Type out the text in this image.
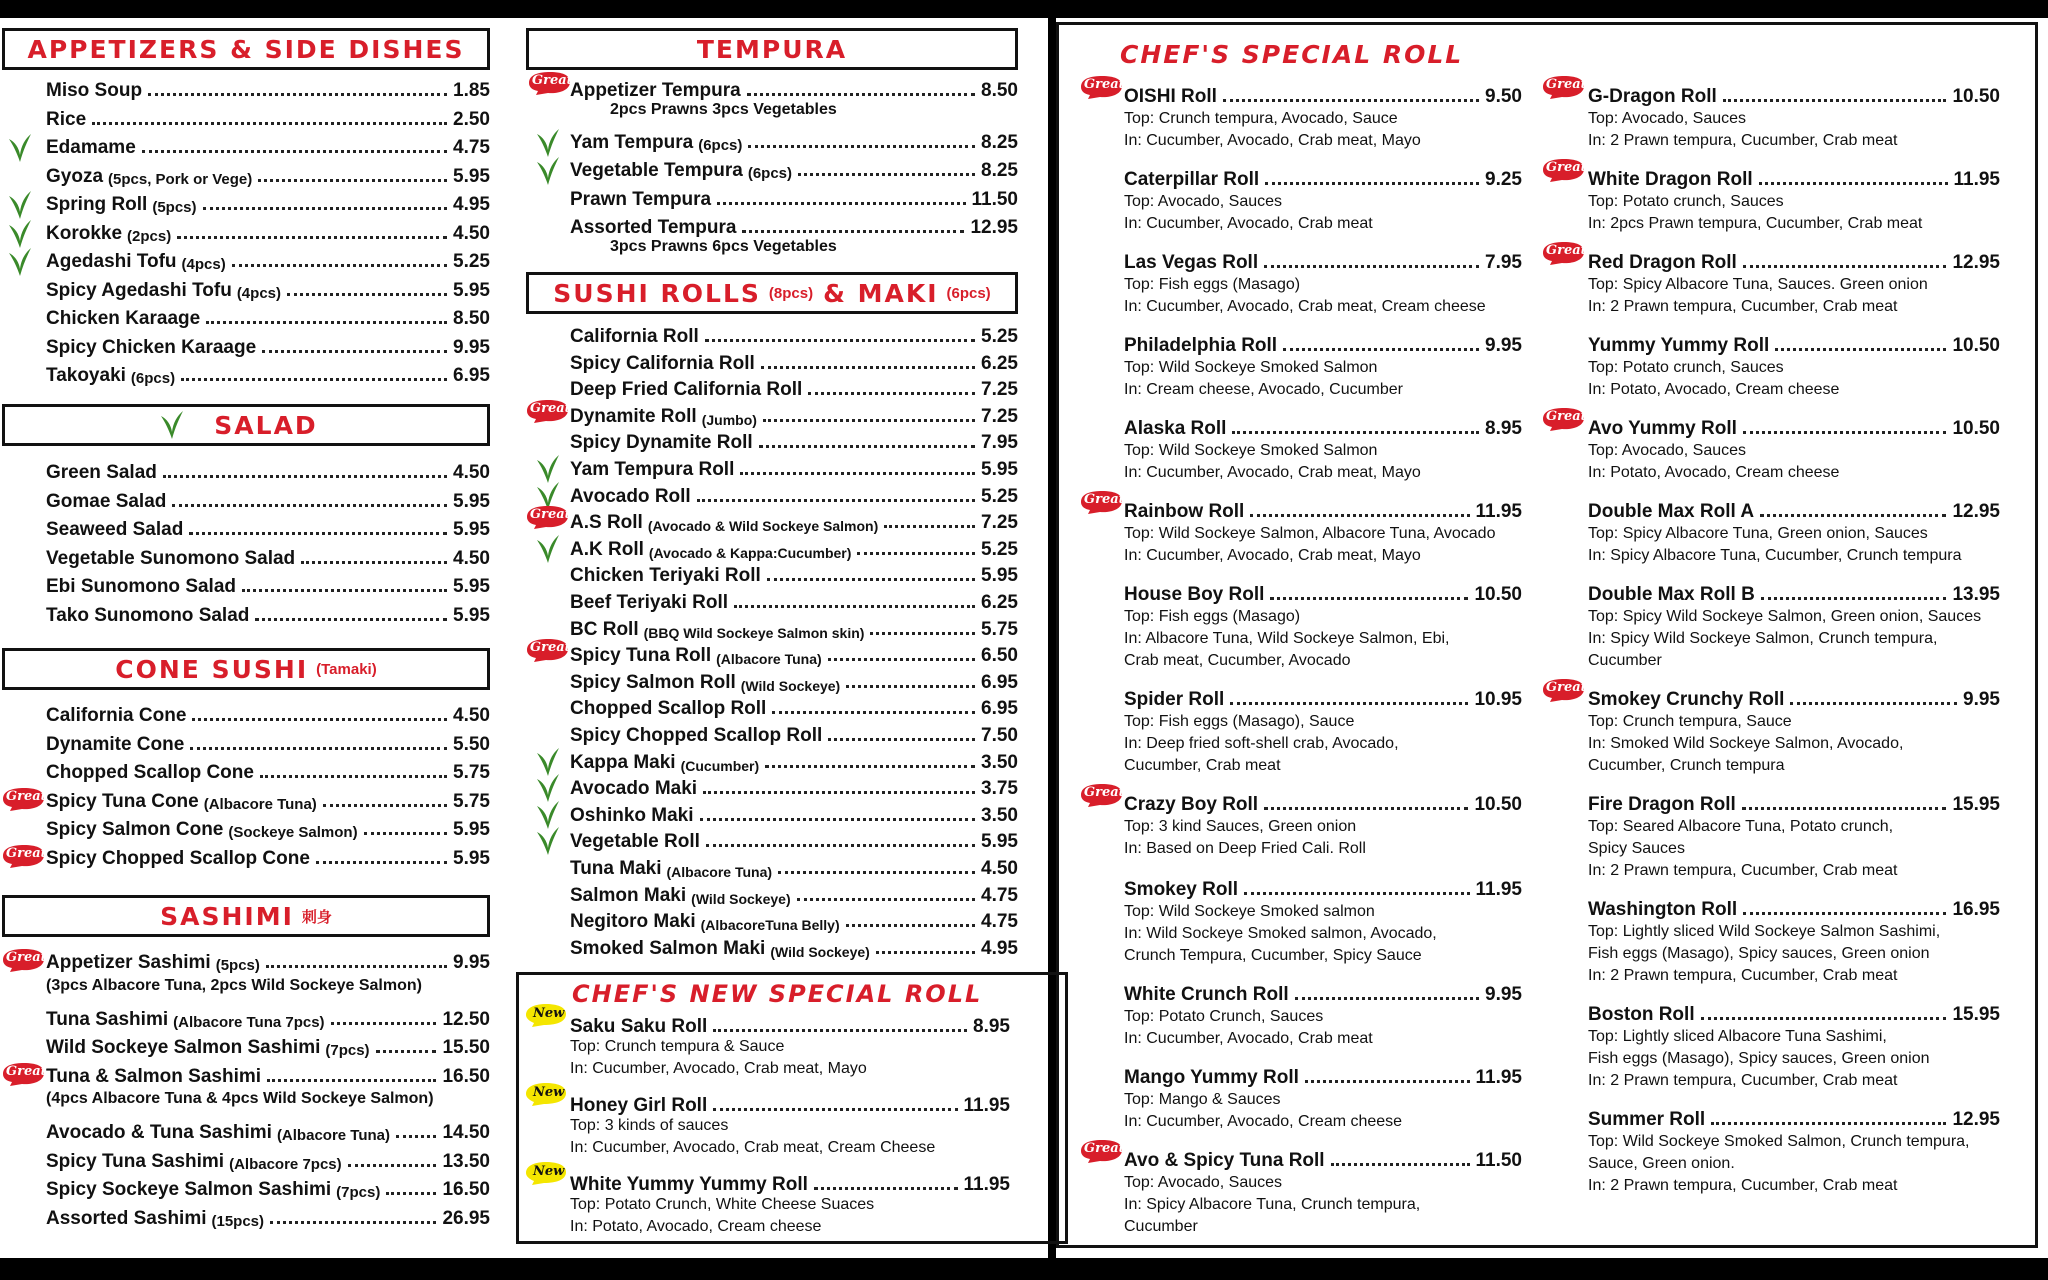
APPETIZERS & SIDE DISHES
Miso Soup	1.85
Rice	2.50
Edamame	4.75
Gyoza (5pcs, Pork or Vege)	5.95
Spring Roll (5pcs)	4.95
Korokke (2pcs)	4.50
Agedashi Tofu (4pcs)	5.25
Spicy Agedashi Tofu (4pcs)	5.95
Chicken Karaage	8.50
Spicy Chicken Karaage	9.95
Takoyaki (6pcs)	6.95
SALAD
Green Salad	4.50
Gomae Salad	5.95
Seaweed Salad	5.95
Vegetable Sunomono Salad	4.50
Ebi Sunomono Salad	5.95
Tako Sunomono Salad	5.95
CONE SUSHI (Tamaki)
California Cone	4.50
Dynamite Cone	5.50
Chopped Scallop Cone	5.75
Spicy Tuna Cone (Albacore Tuna)	5.75
Great
Spicy Salmon Cone (Sockeye Salmon)	5.95
Spicy Chopped Scallop Cone	5.95
Great
SASHIMI 刺身
Appetizer Sashimi (5pcs)	9.95
Great
(3pcs Albacore Tuna, 2pcs Wild Sockeye Salmon)
Tuna Sashimi (Albacore Tuna 7pcs)	12.50
Wild Sockeye Salmon Sashimi (7pcs)	15.50
Tuna & Salmon Sashimi	16.50
Great
(4pcs Albacore Tuna & 4pcs Wild Sockeye Salmon)
Avocado & Tuna Sashimi (Albacore Tuna)	14.50
Spicy Tuna Sashimi (Albacore 7pcs)	13.50
Spicy Sockeye Salmon Sashimi (7pcs)	16.50
Assorted Sashimi (15pcs)	26.95
TEMPURA
Appetizer Tempura	8.50
Great
2pcs Prawns 3pcs Vegetables
Yam Tempura (6pcs)	8.25
Vegetable Tempura (6pcs)	8.25
Prawn Tempura	11.50
Assorted Tempura	12.95
3pcs Prawns 6pcs Vegetables
SUSHI ROLLS (8pcs) & MAKI (6pcs)
California Roll	5.25
Spicy California Roll	6.25
Deep Fried California Roll	7.25
Dynamite Roll (Jumbo)	7.25
Great
Spicy Dynamite Roll	7.95
Yam Tempura Roll	5.95
Avocado Roll	5.25
A.S Roll (Avocado & Wild Sockeye Salmon)	7.25
Great
A.K Roll (Avocado & Kappa:Cucumber)	5.25
Chicken Teriyaki Roll	5.95
Beef Teriyaki Roll	6.25
BC Roll (BBQ Wild Sockeye Salmon skin)	5.75
Spicy Tuna Roll (Albacore Tuna)	6.50
Great
Spicy Salmon Roll (Wild Sockeye)	6.95
Chopped Scallop Roll	6.95
Spicy Chopped Scallop Roll	7.50
Kappa Maki (Cucumber)	3.50
Avocado Maki	3.75
Oshinko Maki	3.50
Vegetable Roll	5.95
Tuna Maki (Albacore Tuna)	4.50
Salmon Maki (Wild Sockeye)	4.75
Negitoro Maki (AlbacoreTuna Belly)	4.75
Smoked Salmon Maki (Wild Sockeye)	4.95
CHEF'S NEW SPECIAL ROLL
New
Saku Saku Roll	8.95
Top: Crunch tempura & Sauce
In: Cucumber, Avocado, Crab meat, Mayo
New
Honey Girl Roll	11.95
Top: 3 kinds of sauces
In: Cucumber, Avocado, Crab meat, Cream Cheese
New
White Yummy Yummy Roll	11.95
Top: Potato Crunch, White Cheese Suaces
In: Potato, Avocado, Cream cheese
CHEF'S SPECIAL ROLL
OISHI Roll	9.50
Great
Top: Crunch tempura, Avocado, Sauce
In: Cucumber, Avocado, Crab meat, Mayo
Caterpillar Roll	9.25
Top: Avocado, Sauces
In: Cucumber, Avocado, Crab meat
Las Vegas Roll	7.95
Top: Fish eggs (Masago)
In: Cucumber, Avocado, Crab meat, Cream cheese
Philadelphia Roll	9.95
Top: Wild Sockeye Smoked Salmon
In: Cream cheese, Avocado, Cucumber
Alaska Roll	8.95
Top: Wild Sockeye Smoked Salmon
In: Cucumber, Avocado, Crab meat, Mayo
Rainbow Roll	11.95
Great
Top: Wild Sockeye Salmon, Albacore Tuna, Avocado
In: Cucumber, Avocado, Crab meat, Mayo
House Boy Roll	10.50
Top: Fish eggs (Masago)
In: Albacore Tuna, Wild Sockeye Salmon, Ebi,
Crab meat, Cucumber, Avocado
Spider Roll	10.95
Top: Fish eggs (Masago), Sauce
In: Deep fried soft-shell crab, Avocado,
Cucumber, Crab meat
Crazy Boy Roll	10.50
Great
Top: 3 kind Sauces, Green onion
In: Based on Deep Fried Cali. Roll
Smokey Roll	11.95
Top: Wild Sockeye Smoked salmon
In: Wild Sockeye Smoked salmon, Avocado,
Crunch Tempura, Cucumber, Spicy Sauce
White Crunch Roll	9.95
Top: Potato Crunch, Sauces
In: Cucumber, Avocado, Crab meat
Mango Yummy Roll	11.95
Top: Mango & Sauces
In: Cucumber, Avocado, Cream cheese
Avo & Spicy Tuna Roll	11.50
Great
Top: Avocado, Sauces
In: Spicy Albacore Tuna, Crunch tempura,
Cucumber
G-Dragon Roll	10.50
Great
Top: Avocado, Sauces
In: 2 Prawn tempura, Cucumber, Crab meat
White Dragon Roll	11.95
Great
Top: Potato crunch, Sauces
In: 2pcs Prawn tempura, Cucumber, Crab meat
Red Dragon Roll	12.95
Great
Top: Spicy Albacore Tuna, Sauces. Green onion
In: 2 Prawn tempura, Cucumber, Crab meat
Yummy Yummy Roll	10.50
Top: Potato crunch, Sauces
In: Potato, Avocado, Cream cheese
Avo Yummy Roll	10.50
Great
Top: Avocado, Sauces
In: Potato, Avocado, Cream cheese
Double Max Roll A	12.95
Top: Spicy Albacore Tuna, Green onion, Sauces
In: Spicy Albacore Tuna, Cucumber, Crunch tempura
Double Max Roll B	13.95
Top: Spicy Wild Sockeye Salmon, Green onion, Sauces
In: Spicy Wild Sockeye Salmon, Crunch tempura,
Cucumber
Smokey Crunchy Roll	9.95
Great
Top: Crunch tempura, Sauce
In: Smoked Wild Sockeye Salmon, Avocado,
Cucumber, Crunch tempura
Fire Dragon Roll	15.95
Top: Seared Albacore Tuna, Potato crunch,
Spicy Sauces
In: 2 Prawn tempura, Cucumber, Crab meat
Washington Roll	16.95
Top: Lightly sliced Wild Sockeye Salmon Sashimi,
Fish eggs (Masago), Spicy sauces, Green onion
In: 2 Prawn tempura, Cucumber, Crab meat
Boston Roll	15.95
Top: Lightly sliced Albacore Tuna Sashimi,
Fish eggs (Masago), Spicy sauces, Green onion
In: 2 Prawn tempura, Cucumber, Crab meat
Summer Roll	12.95
Top: Wild Sockeye Smoked Salmon, Crunch tempura,
Sauce, Green onion.
In: 2 Prawn tempura, Cucumber, Crab meat
